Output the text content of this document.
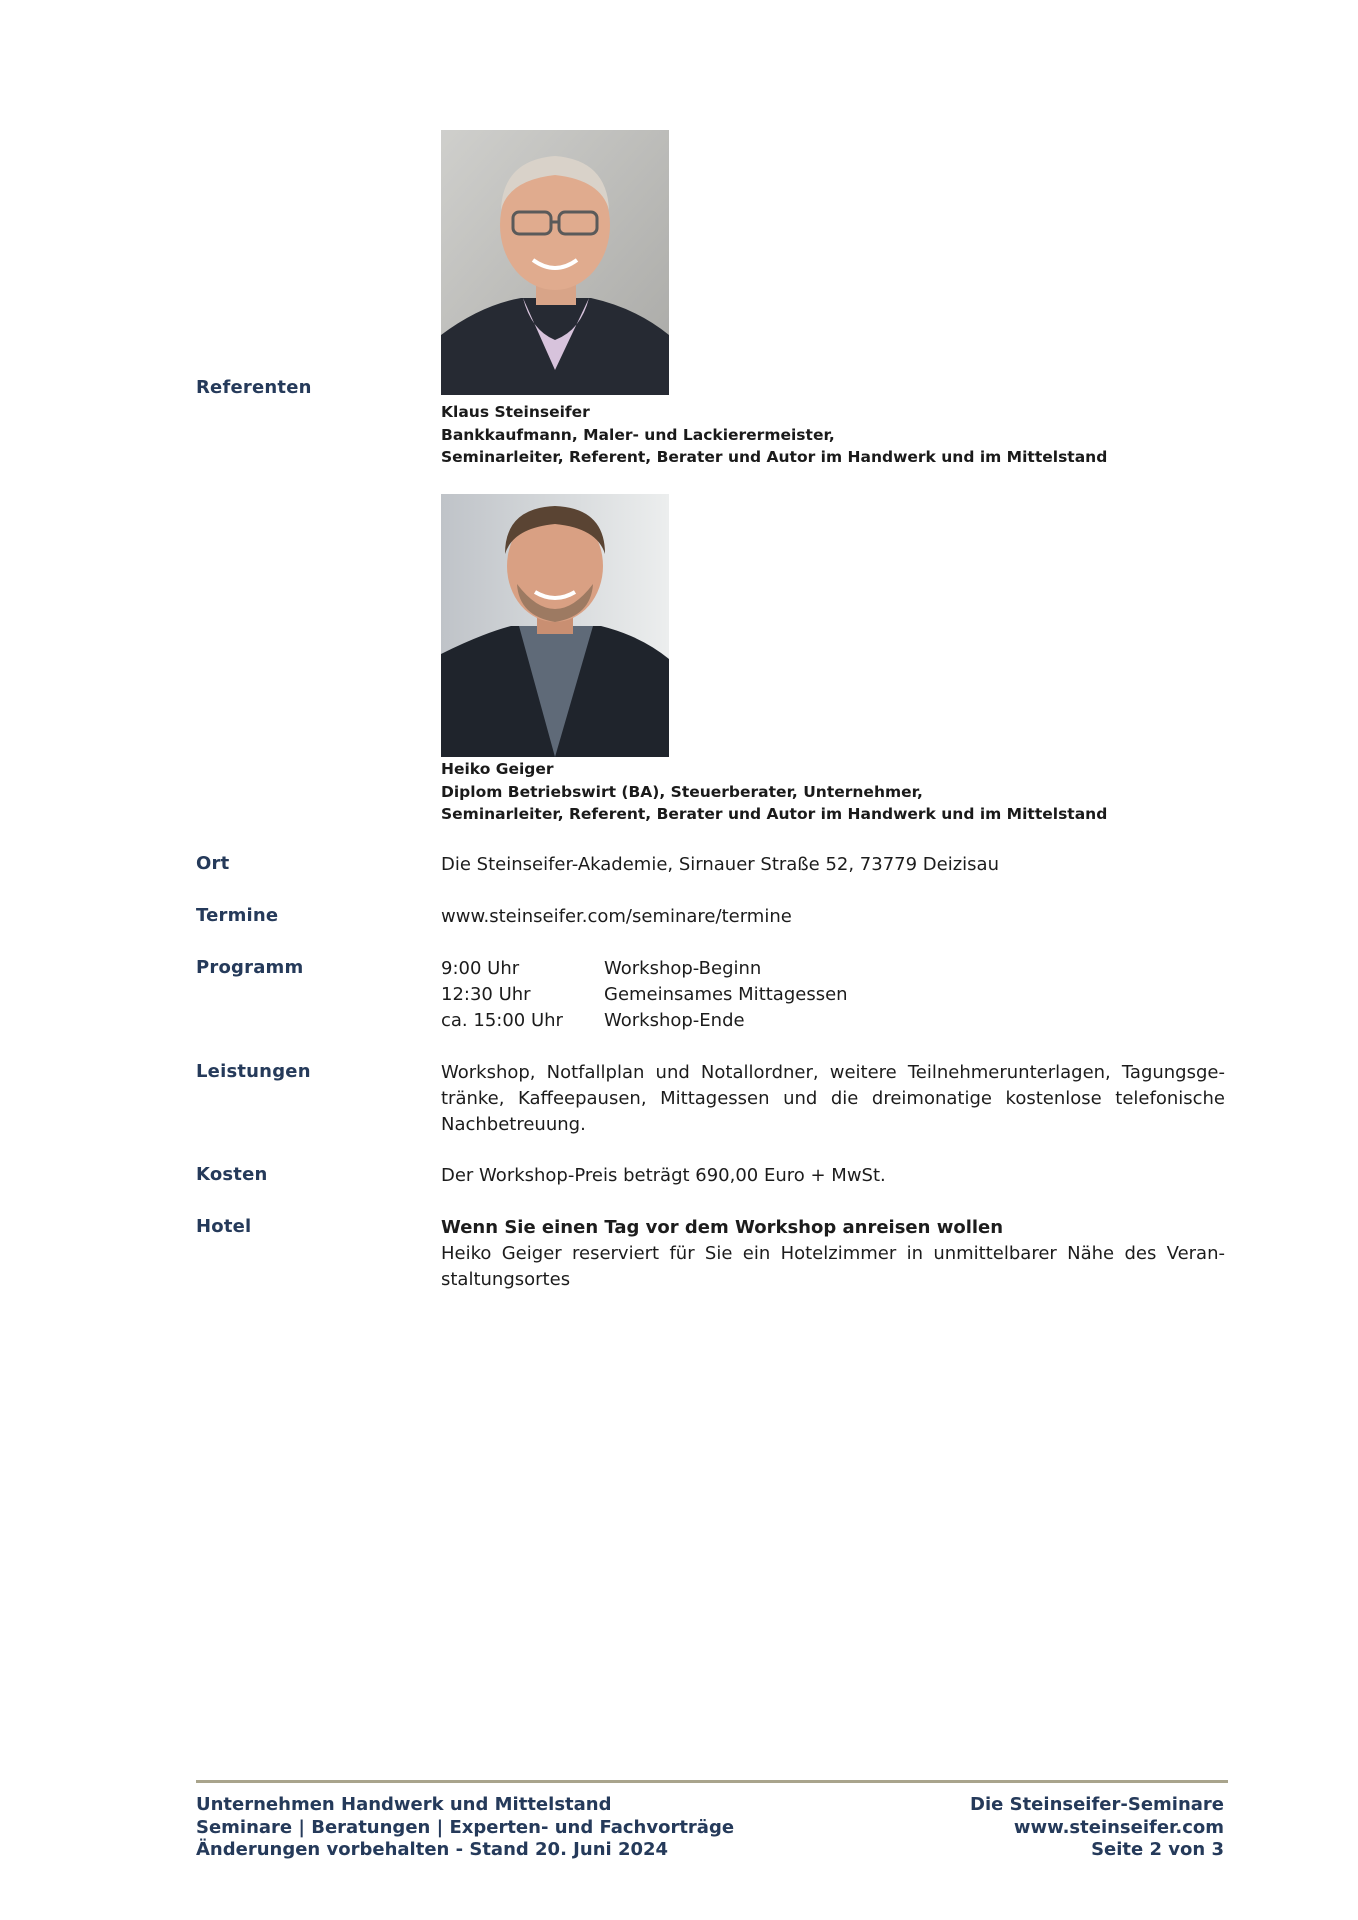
Referenten
Klaus Steinseifer
Bankkaufmann, Maler- und Lackierermeister,
Seminarleiter, Referent, Berater und Autor im Handwerk und im Mittelstand
Heiko Geiger
Diplom Betriebswirt (BA), Steuerberater, Unternehmer,
Seminarleiter, Referent, Berater und Autor im Handwerk und im Mittelstand
Ort	Die Steinseifer-Akademie, Sirnauer Straße 52, 73779 Deizisau
Termine	www.steinseifer.com/seminare/termine
Programm	9:00 Uhr	Workshop-Beginn
12:30 Uhr	Gemeinsames Mittagessen
ca. 15:00 Uhr	Workshop-Ende
Leistungen	Workshop, Notfallplan und Notallordner, weitere Teilnehmerunterlagen, Tagungsge-tränke, Kaffeepausen, Mittagessen und die dreimonatige kostenlose telefonische Nachbetreuung.
Kosten	Der Workshop-Preis beträgt 690,00 Euro + MwSt.
Hotel	Wenn Sie einen Tag vor dem Workshop anreisen wollen
Heiko Geiger reserviert für Sie ein Hotelzimmer in unmittelbarer Nähe des Veran-staltungsortes
Unternehmen Handwerk und Mittelstand
Seminare | Beratungen | Experten- und Fachvorträge
Änderungen vorbehalten - Stand 20. Juni 2024
Die Steinseifer-Seminare
www.steinseifer.com
Seite 2 von 3
